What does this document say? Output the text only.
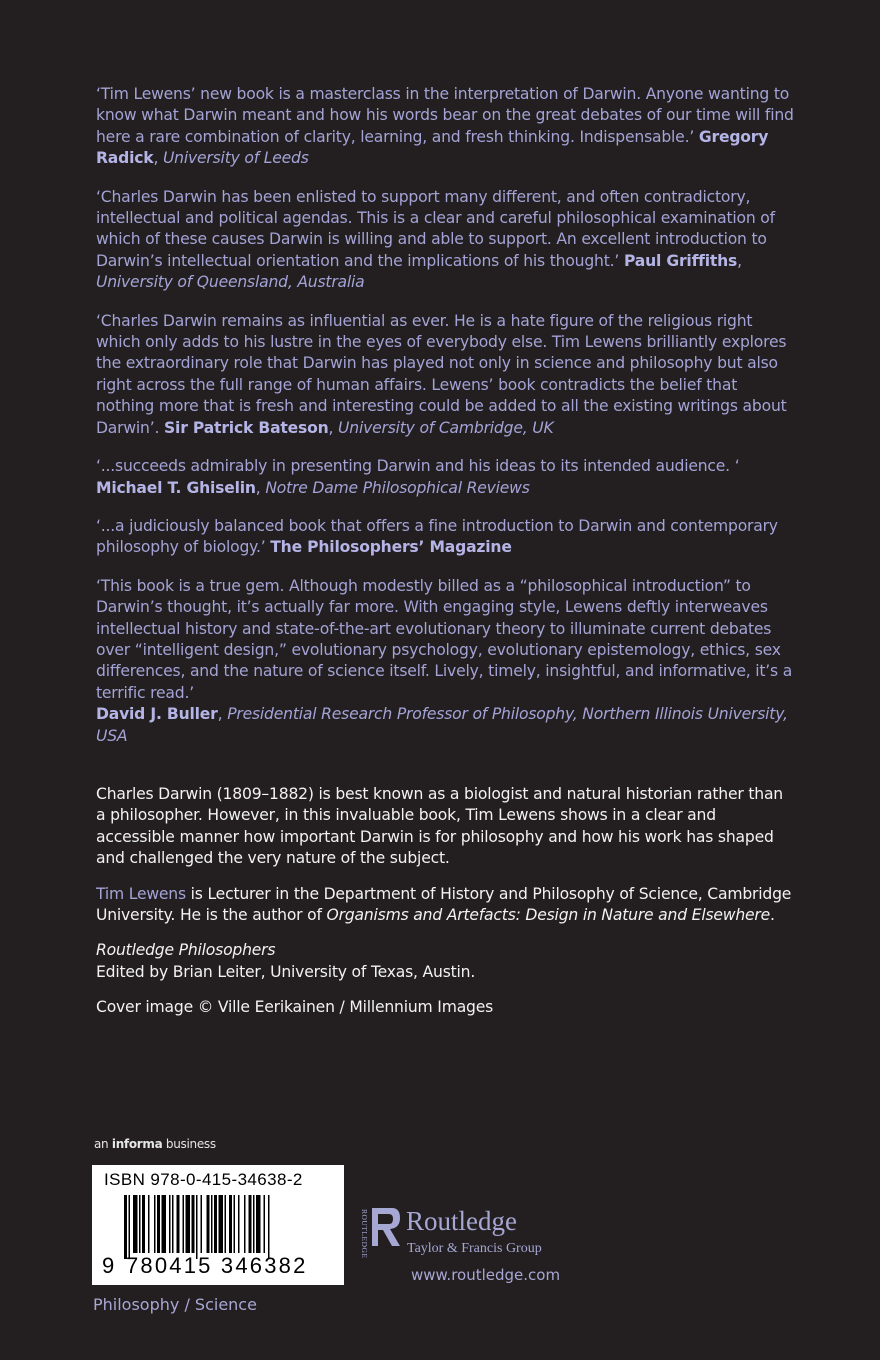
‘Tim Lewens’ new book is a masterclass in the interpretation of Darwin. Anyone wanting to know what Darwin meant and how his words bear on the great debates of our time will find here a rare combination of clarity, learning, and fresh thinking. Indispensable.’ Gregory Radick, University of Leeds

‘Charles Darwin has been enlisted to support many different, and often contradictory, intellectual and political agendas. This is a clear and careful philosophical examination of which of these causes Darwin is willing and able to support. An excellent introduction to Darwin’s intellectual orientation and the implications of his thought.’ Paul Griffiths, University of Queensland, Australia

‘Charles Darwin remains as influential as ever. He is a hate figure of the religious right which only adds to his lustre in the eyes of everybody else. Tim Lewens brilliantly explores the extraordinary role that Darwin has played not only in science and philosophy but also right across the full range of human affairs. Lewens’ book contradicts the belief that nothing more that is fresh and interesting could be added to all the existing writings about Darwin’. Sir Patrick Bateson, University of Cambridge, UK

‘...succeeds admirably in presenting Darwin and his ideas to its intended audience. ‘ Michael T. Ghiselin, Notre Dame Philosophical Reviews

‘...a judiciously balanced book that offers a fine introduction to Darwin and contemporary philosophy of biology.’ The Philosophers’ Magazine

‘This book is a true gem. Although modestly billed as a “philosophical introduction” to Darwin’s thought, it’s actually far more. With engaging style, Lewens deftly interweaves intellectual history and state-of-the-art evolutionary theory to illuminate current debates over “intelligent design,” evolutionary psychology, evolutionary epistemology, ethics, sex differences, and the nature of science itself. Lively, timely, insightful, and informative, it’s a terrific read.’
David J. Buller, Presidential Research Professor of Philosophy, Northern Illinois University, USA

Charles Darwin (1809–1882) is best known as a biologist and natural historian rather than a philosopher. However, in this invaluable book, Tim Lewens shows in a clear and accessible manner how important Darwin is for philosophy and how his work has shaped and challenged the very nature of the subject.

Tim Lewens is Lecturer in the Department of History and Philosophy of Science, Cambridge University. He is the author of Organisms and Artefacts: Design in Nature and Elsewhere.

Routledge Philosophers
Edited by Brian Leiter, University of Texas, Austin.

Cover image © Ville Eerikainen / Millennium Images

an informa business
ISBN 978-0-415-34638-2
9 780415 346382
ROUTLEDGE Routledge
Taylor & Francis Group
www.routledge.com
Philosophy / Science
